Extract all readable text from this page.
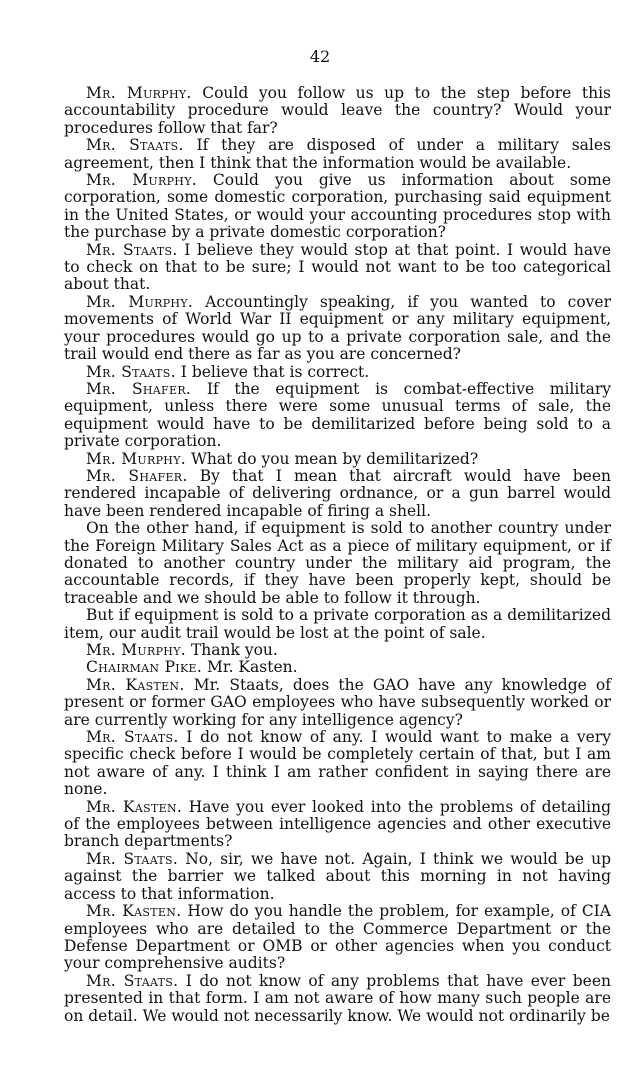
42

Mr. Murphy. Could you follow us up to the step before this accountability procedure would leave the country? Would your procedures follow that far?

Mr. Staats. If they are disposed of under a military sales agreement, then I think that the information would be available.

Mr. Murphy. Could you give us information about some corporation, some domestic corporation, purchasing said equipment in the United States, or would your accounting procedures stop with the purchase by a private domestic corporation?

Mr. Staats. I believe they would stop at that point. I would have to check on that to be sure; I would not want to be too categorical about that.

Mr. Murphy. Accountingly speaking, if you wanted to cover movements of World War II equipment or any military equipment, your procedures would go up to a private corporation sale, and the trail would end there as far as you are concerned?

Mr. Staats. I believe that is correct.

Mr. Shafer. If the equipment is combat-effective military equipment, unless there were some unusual terms of sale, the equipment would have to be demilitarized before being sold to a private corporation.

Mr. Murphy. What do you mean by demilitarized?

Mr. Shafer. By that I mean that aircraft would have been rendered incapable of delivering ordnance, or a gun barrel would have been rendered incapable of firing a shell.

On the other hand, if equipment is sold to another country under the Foreign Military Sales Act as a piece of military equipment, or if donated to another country under the military aid program, the accountable records, if they have been properly kept, should be traceable and we should be able to follow it through.

But if equipment is sold to a private corporation as a demilitarized item, our audit trail would be lost at the point of sale.

Mr. Murphy. Thank you.

Chairman Pike. Mr. Kasten.

Mr. Kasten. Mr. Staats, does the GAO have any knowledge of present or former GAO employees who have subsequently worked or are currently working for any intelligence agency?

Mr. Staats. I do not know of any. I would want to make a very specific check before I would be completely certain of that, but I am not aware of any. I think I am rather confident in saying there are none.

Mr. Kasten. Have you ever looked into the problems of detailing of the employees between intelligence agencies and other executive branch departments?

Mr. Staats. No, sir, we have not. Again, I think we would be up against the barrier we talked about this morning in not having access to that information.

Mr. Kasten. How do you handle the problem, for example, of CIA employees who are detailed to the Commerce Department or the Defense Department or OMB or other agencies when you conduct your comprehensive audits?

Mr. Staats. I do not know of any problems that have ever been presented in that form. I am not aware of how many such people are on detail. We would not necessarily know. We would not ordinarily be
